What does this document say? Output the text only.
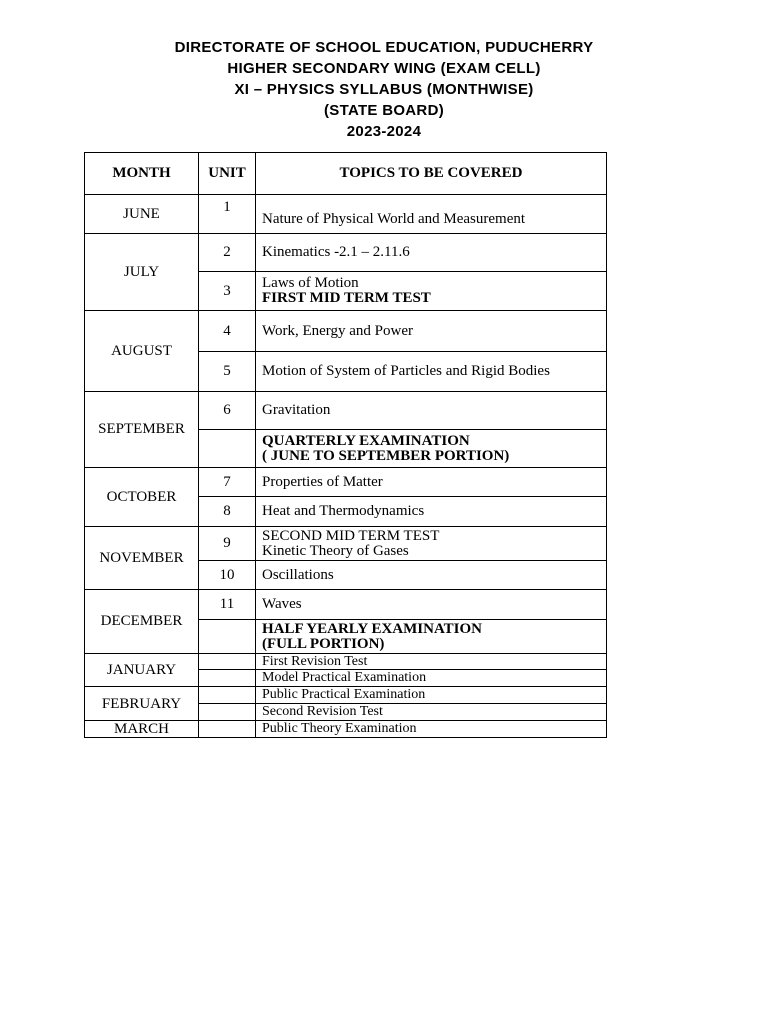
DIRECTORATE OF SCHOOL EDUCATION, PUDUCHERRY
HIGHER SECONDARY WING (EXAM CELL)
XI – PHYSICS SYLLABUS (MONTHWISE)
(STATE BOARD)
2023-2024
MONTH	UNIT	TOPICS TO BE COVERED
JUNE	1	Nature of Physical World and Measurement
JULY	2	Kinematics -2.1 – 2.11.6
	3	Laws of Motion
FIRST MID TERM TEST

AUGUST	4	Work, Energy and Power
	5	Motion of System of Particles and Rigid Bodies
SEPTEMBER	6	Gravitation

		QUARTERLY EXAMINATION
( JUNE TO SEPTEMBER PORTION)

OCTOBER	7	Properties of Matter
	8	Heat and Thermodynamics
NOVEMBER	9	SECOND MID TERM TEST
Kinetic Theory of Gases

	10	Oscillations
DECEMBER	11	Waves

		HALF YEARLY EXAMINATION
(FULL PORTION)

JANUARY		First Revision Test
		Model Practical Examination
FEBRUARY		Public Practical Examination
		Second Revision Test
MARCH		Public Theory Examination
